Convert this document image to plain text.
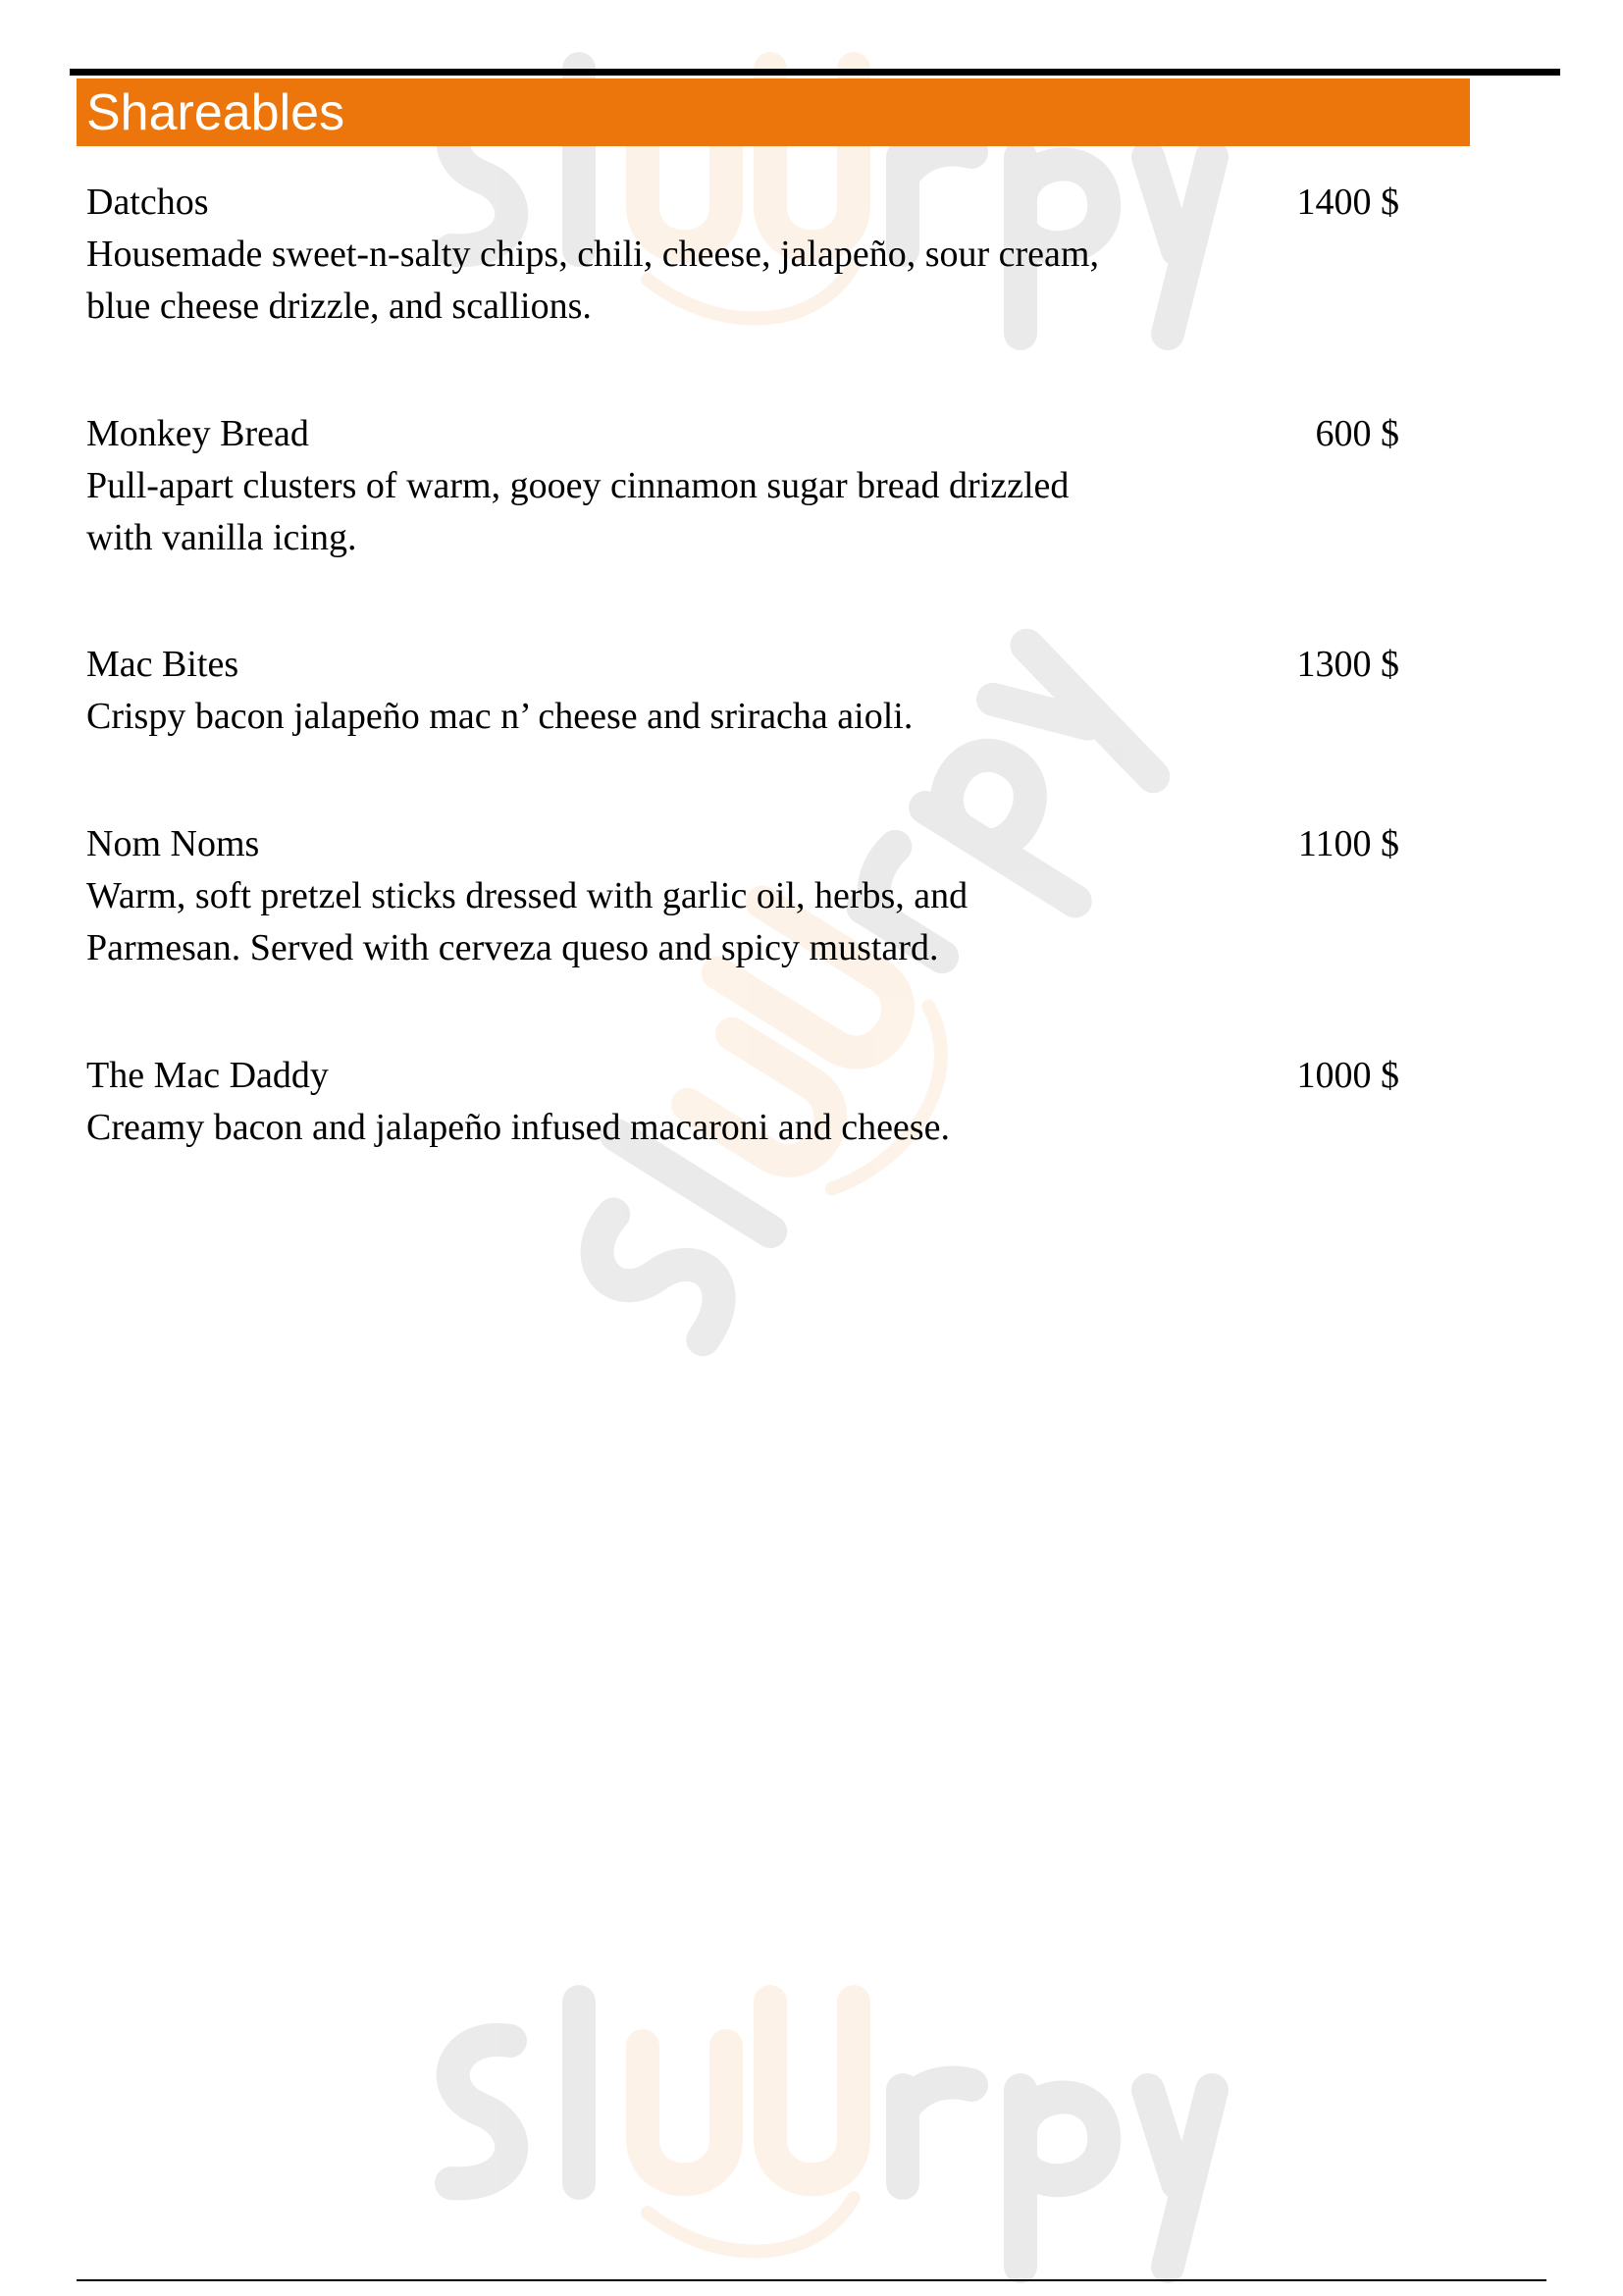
Shareables
Datchos
Housemade sweet-n-salty chips, chili, cheese, jalapeño, sour cream,
blue cheese drizzle, and scallions.
1400 $
Monkey Bread
Pull-apart clusters of warm, gooey cinnamon sugar bread drizzled
with vanilla icing.
600 $
Mac Bites
Crispy bacon jalapeño mac n’ cheese and sriracha aioli.
1300 $
Nom Noms
Warm, soft pretzel sticks dressed with garlic oil, herbs, and
Parmesan. Served with cerveza queso and spicy mustard.
1100 $
The Mac Daddy
Creamy bacon and jalapeño infused macaroni and cheese.
1000 $
